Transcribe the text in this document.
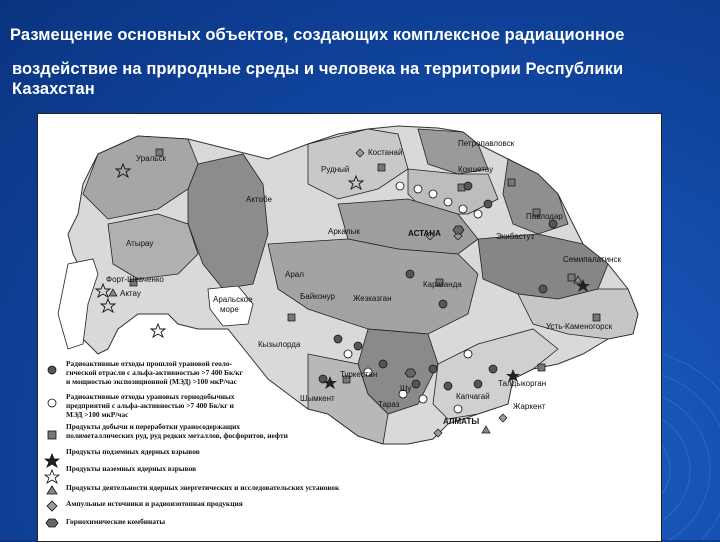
Размещение основных объектов, создающих комплексное радиационное
воздействие на природные среды и человека на территории Республики
Казахстан
Уральск
Петропавловск
Костанай
Кокшетау
Рудный
Актобе
Павлодар
Аркалык	АСТАНА	Экибастуз
Атырау
Семипалатинск
Форт-Шевченко
Актау
Арал
Байконур Жезказган
Караганда
Аральское море
Усть-Каменогорск
Кызылорда
Туркестан
Талдыкорган
Шу
Капчагай
Шымкент
Тараз	Жаркент
АЛМАТЫ
Радиоактивные отходы прошлой урановой геоло-
гической отрасли с альфа-активностью >7 400 Бк/кг
и мощностью экспозиционной (МЭД) >100 мкР/час
Радиоактивные отходы урановых горнодобычных
предприятий с альфа-активностью >7 400 Бк/кг и
МЭД >100 мкР/час
Продукты добычи и переработки ураносодержащих
полиметаллических руд, руд редких металлов, фосфоритов, нефти
Продукты подземных ядерных взрывов
Продукты наземных ядерных взрывов
Продукты деятельности ядерных энергетических и исследовательских установок
Ампульные источники и радиоизотопная продукция
Горнохимические комбинаты
